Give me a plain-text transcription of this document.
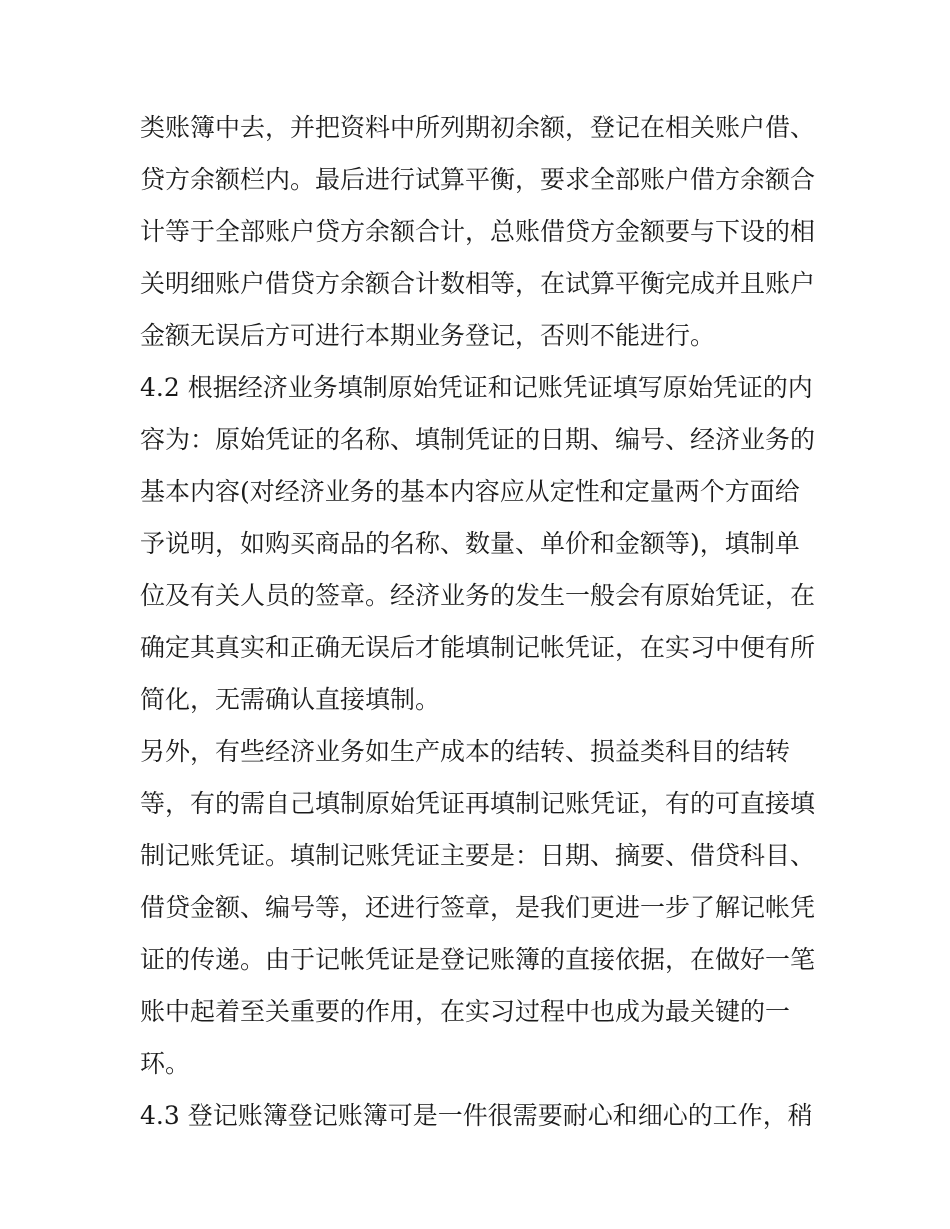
类账簿中去，并把资料中所列期初余额，登记在相关账户借、
贷方余额栏内。最后进行试算平衡，要求全部账户借方余额合
计等于全部账户贷方余额合计，总账借贷方金额要与下设的相
关明细账户借贷方余额合计数相等，在试算平衡完成并且账户
金额无误后方可进行本期业务登记，否则不能进行。
4.2 根据经济业务填制原始凭证和记账凭证填写原始凭证的内
容为：原始凭证的名称、填制凭证的日期、编号、经济业务的
基本内容(对经济业务的基本内容应从定性和定量两个方面给
予说明，如购买商品的名称、数量、单价和金额等)，填制单
位及有关人员的签章。经济业务的发生一般会有原始凭证，在
确定其真实和正确无误后才能填制记帐凭证，在实习中便有所
简化，无需确认直接填制。
另外，有些经济业务如生产成本的结转、损益类科目的结转
等，有的需自己填制原始凭证再填制记账凭证，有的可直接填
制记账凭证。填制记账凭证主要是：日期、摘要、借贷科目、
借贷金额、编号等，还进行签章，是我们更进一步了解记帐凭
证的传递。由于记帐凭证是登记账簿的直接依据，在做好一笔
账中起着至关重要的作用，在实习过程中也成为最关键的一
环。
4.3 登记账簿登记账簿可是一件很需要耐心和细心的工作，稍
